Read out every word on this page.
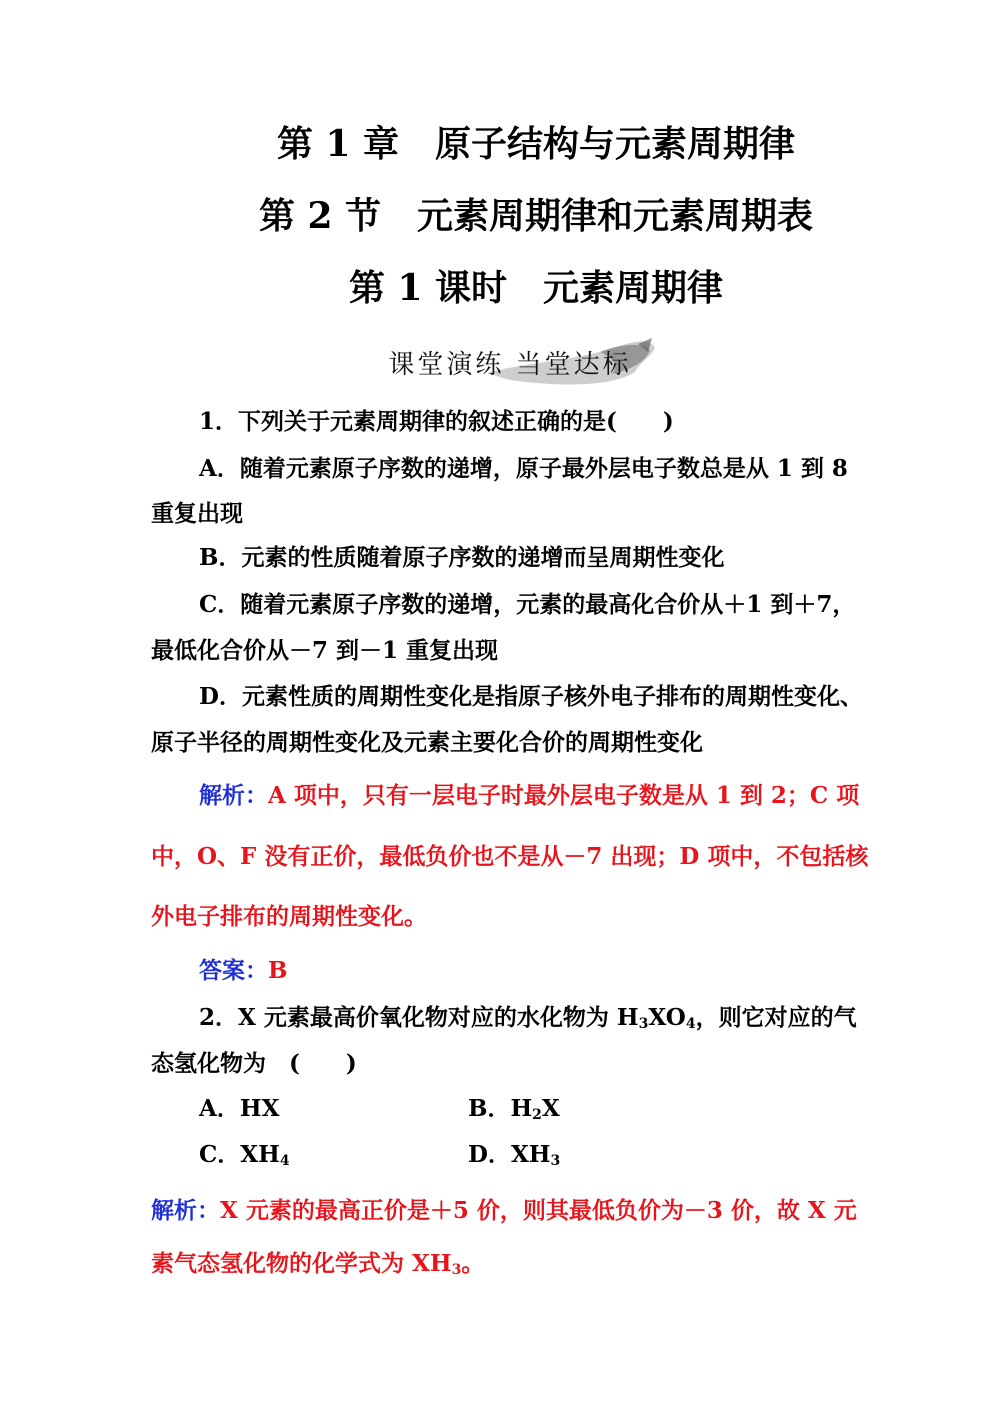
第 1 章　原子结构与元素周期律
第 2 节　元素周期律和元素周期表
第 1 课时　元素周期律
课堂演练 当堂达标
1．下列关于元素周期律的叙述正确的是(　　)
A．随着元素原子序数的递增，原子最外层电子数总是从 1 到 8
重复出现
B．元素的性质随着原子序数的递增而呈周期性变化
C．随着元素原子序数的递增，元素的最高化合价从＋1 到＋7，
最低化合价从－7 到－1 重复出现
D．元素性质的周期性变化是指原子核外电子排布的周期性变化、
原子半径的周期性变化及元素主要化合价的周期性变化
解析：A 项中，只有一层电子时最外层电子数是从 1 到 2；C 项
中，O、F 没有正价，最低负价也不是从－7 出现；D 项中，不包括核
外电子排布的周期性变化。
答案：B
2．X 元素最高价氧化物对应的水化物为 $H_3XO_4$，则它对应的气
态氢化物为　(　　)
A．HX	B．$H_2X$
C．$XH_4$	D．$XH_3$
解析：X 元素的最高正价是＋5 价，则其最低负价为－3 价，故 X 元
素气态氢化物的化学式为 $XH_3$。
